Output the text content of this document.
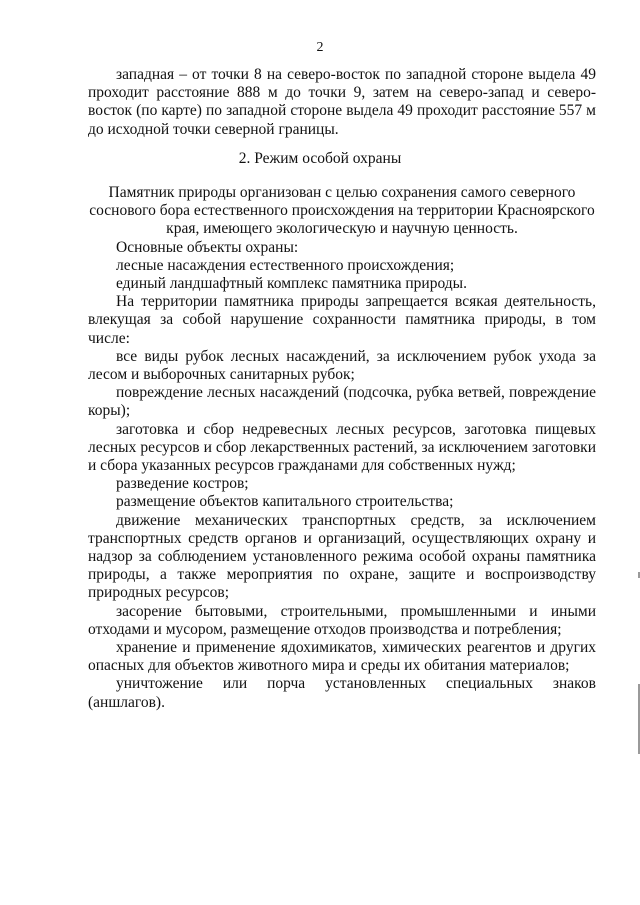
2

западная – от точки 8 на северо-восток по западной стороне выдела 49 проходит расстояние 888 м до точки 9, затем на северо-запад и северо-восток (по карте) по западной стороне выдела 49 проходит расстояние 557 м до исходной точки северной границы.

2. Режим особой охраны

Памятник природы организован с целью сохранения самого северного соснового бора естественного происхождения на территории Красноярского края, имеющего экологическую и научную ценность.

Основные объекты охраны:

лесные насаждения естественного происхождения;

единый ландшафтный комплекс памятника природы.

На территории памятника природы запрещается всякая деятельность, влекущая за собой нарушение сохранности памятника природы, в том числе:

все виды рубок лесных насаждений, за исключением рубок ухода за лесом и выборочных санитарных рубок;

повреждение лесных насаждений (подсочка, рубка ветвей, повреждение коры);

заготовка и сбор недревесных лесных ресурсов, заготовка пищевых лесных ресурсов и сбор лекарственных растений, за исключением заготовки и сбора указанных ресурсов гражданами для собственных нужд;

разведение костров;

размещение объектов капитального строительства;

движение механических транспортных средств, за исключением транспортных средств органов и организаций, осуществляющих охрану и надзор за соблюдением установленного режима особой охраны памятника природы, а также мероприятия по охране, защите и воспроизводству природных ресурсов;

засорение бытовыми, строительными, промышленными и иными отходами и мусором, размещение отходов производства и потребления;

хранение и применение ядохимикатов, химических реагентов и других опасных для объектов животного мира и среды их обитания материалов;

уничтожение или порча установленных специальных знаков (аншлагов).
